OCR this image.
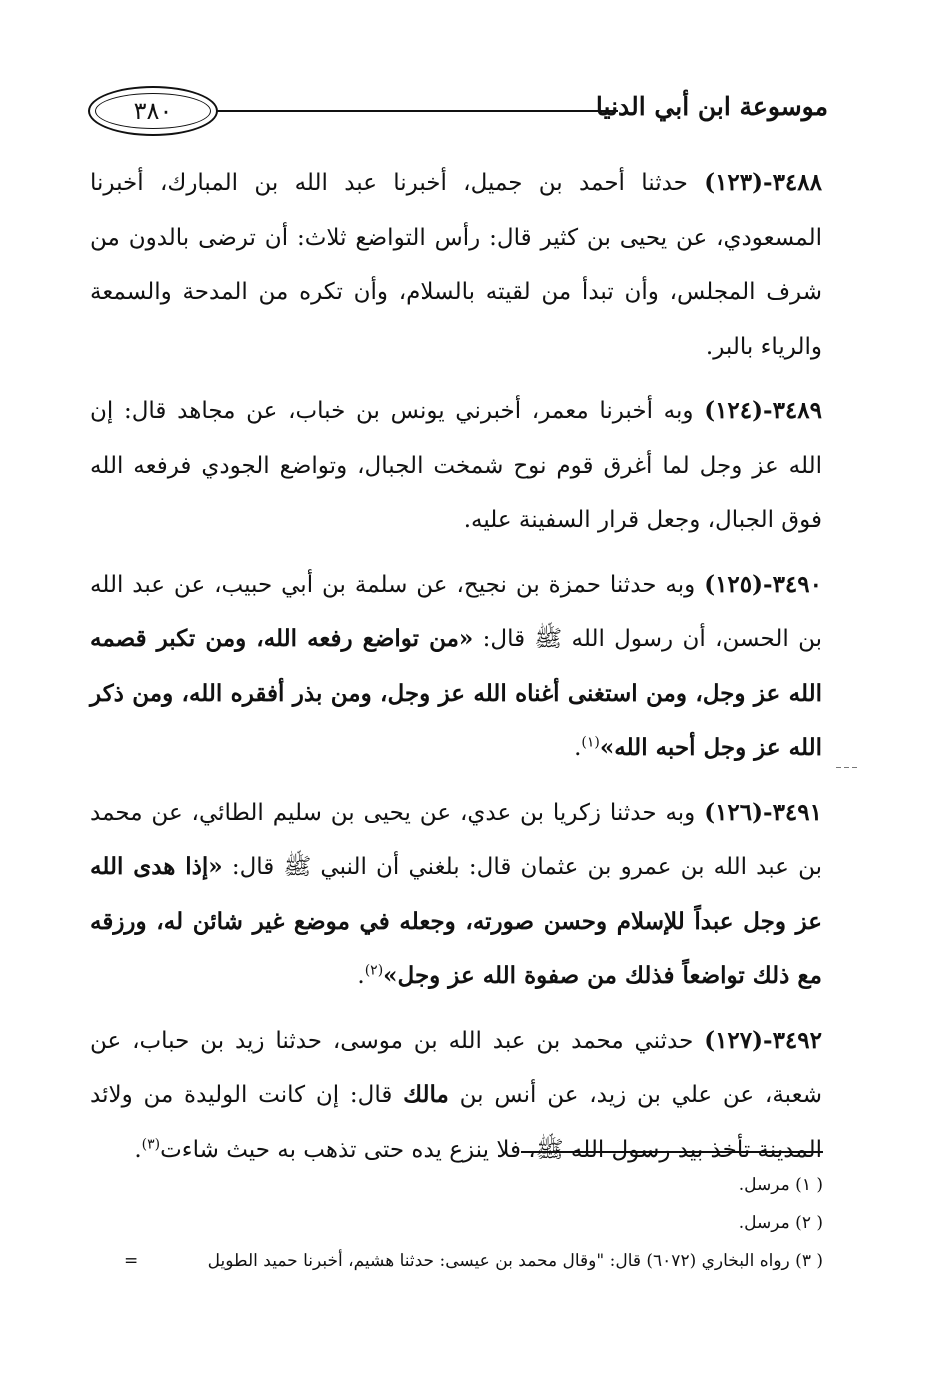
٣٨٠	موسوعة ابن أبي الدنيا

٣٤٨٨-(١٢٣) حدثنا أحمد بن جميل، أخبرنا عبد الله بن المبارك، أخبرنا المسعودي، عن يحيى بن كثير قال: رأس التواضع ثلاث: أن ترضى بالدون من شرف المجلس، وأن تبدأ من لقيته بالسلام، وأن تكره من المدحة والسمعة والرياء بالبر.

٣٤٨٩-(١٢٤) وبه أخبرنا معمر، أخبرني يونس بن خباب، عن مجاهد قال: إن الله عز وجل لما أغرق قوم نوح شمخت الجبال، وتواضع الجودي فرفعه الله فوق الجبال، وجعل قرار السفينة عليه.

٣٤٩٠-(١٢٥) وبه حدثنا حمزة بن نجيح، عن سلمة بن أبي حبيب، عن عبد الله بن الحسن، أن رسول الله ﷺ قال: «من تواضع رفعه الله، ومن تكبر قصمه الله عز وجل، ومن استغنى أغناه الله عز وجل، ومن بذر أفقره الله، ومن ذكر الله عز وجل أحبه الله»$^{(١)}$.

٣٤٩١-(١٢٦) وبه حدثنا زكريا بن عدي، عن يحيى بن سليم الطائي، عن محمد بن عبد الله بن عمرو بن عثمان قال: بلغني أن النبي ﷺ قال: «إذا هدى الله عز وجل عبداً للإسلام وحسن صورته، وجعله في موضع غير شائن له، ورزقه مع ذلك تواضعاً فذلك من صفوة الله عز وجل»$^{(٢)}$.

٣٤٩٢-(١٢٧) حدثني محمد بن عبد الله بن موسى، حدثنا زيد بن حباب، عن شعبة، عن علي بن زيد، عن أنس بن مالك قال: إن كانت الوليدة من ولائد المدينة تأخذ بيد رسول الله ﷺ، فلا ينزع يده حتى تذهب به حيث شاءت$^{(٣)}$.

( ١) مرسل.
( ٢) مرسل.
( ٣) رواه البخاري (٦٠٧٢) قال: "وقال محمد بن عيسى: حدثنا هشيم، أخبرنا حميد الطويل
=
